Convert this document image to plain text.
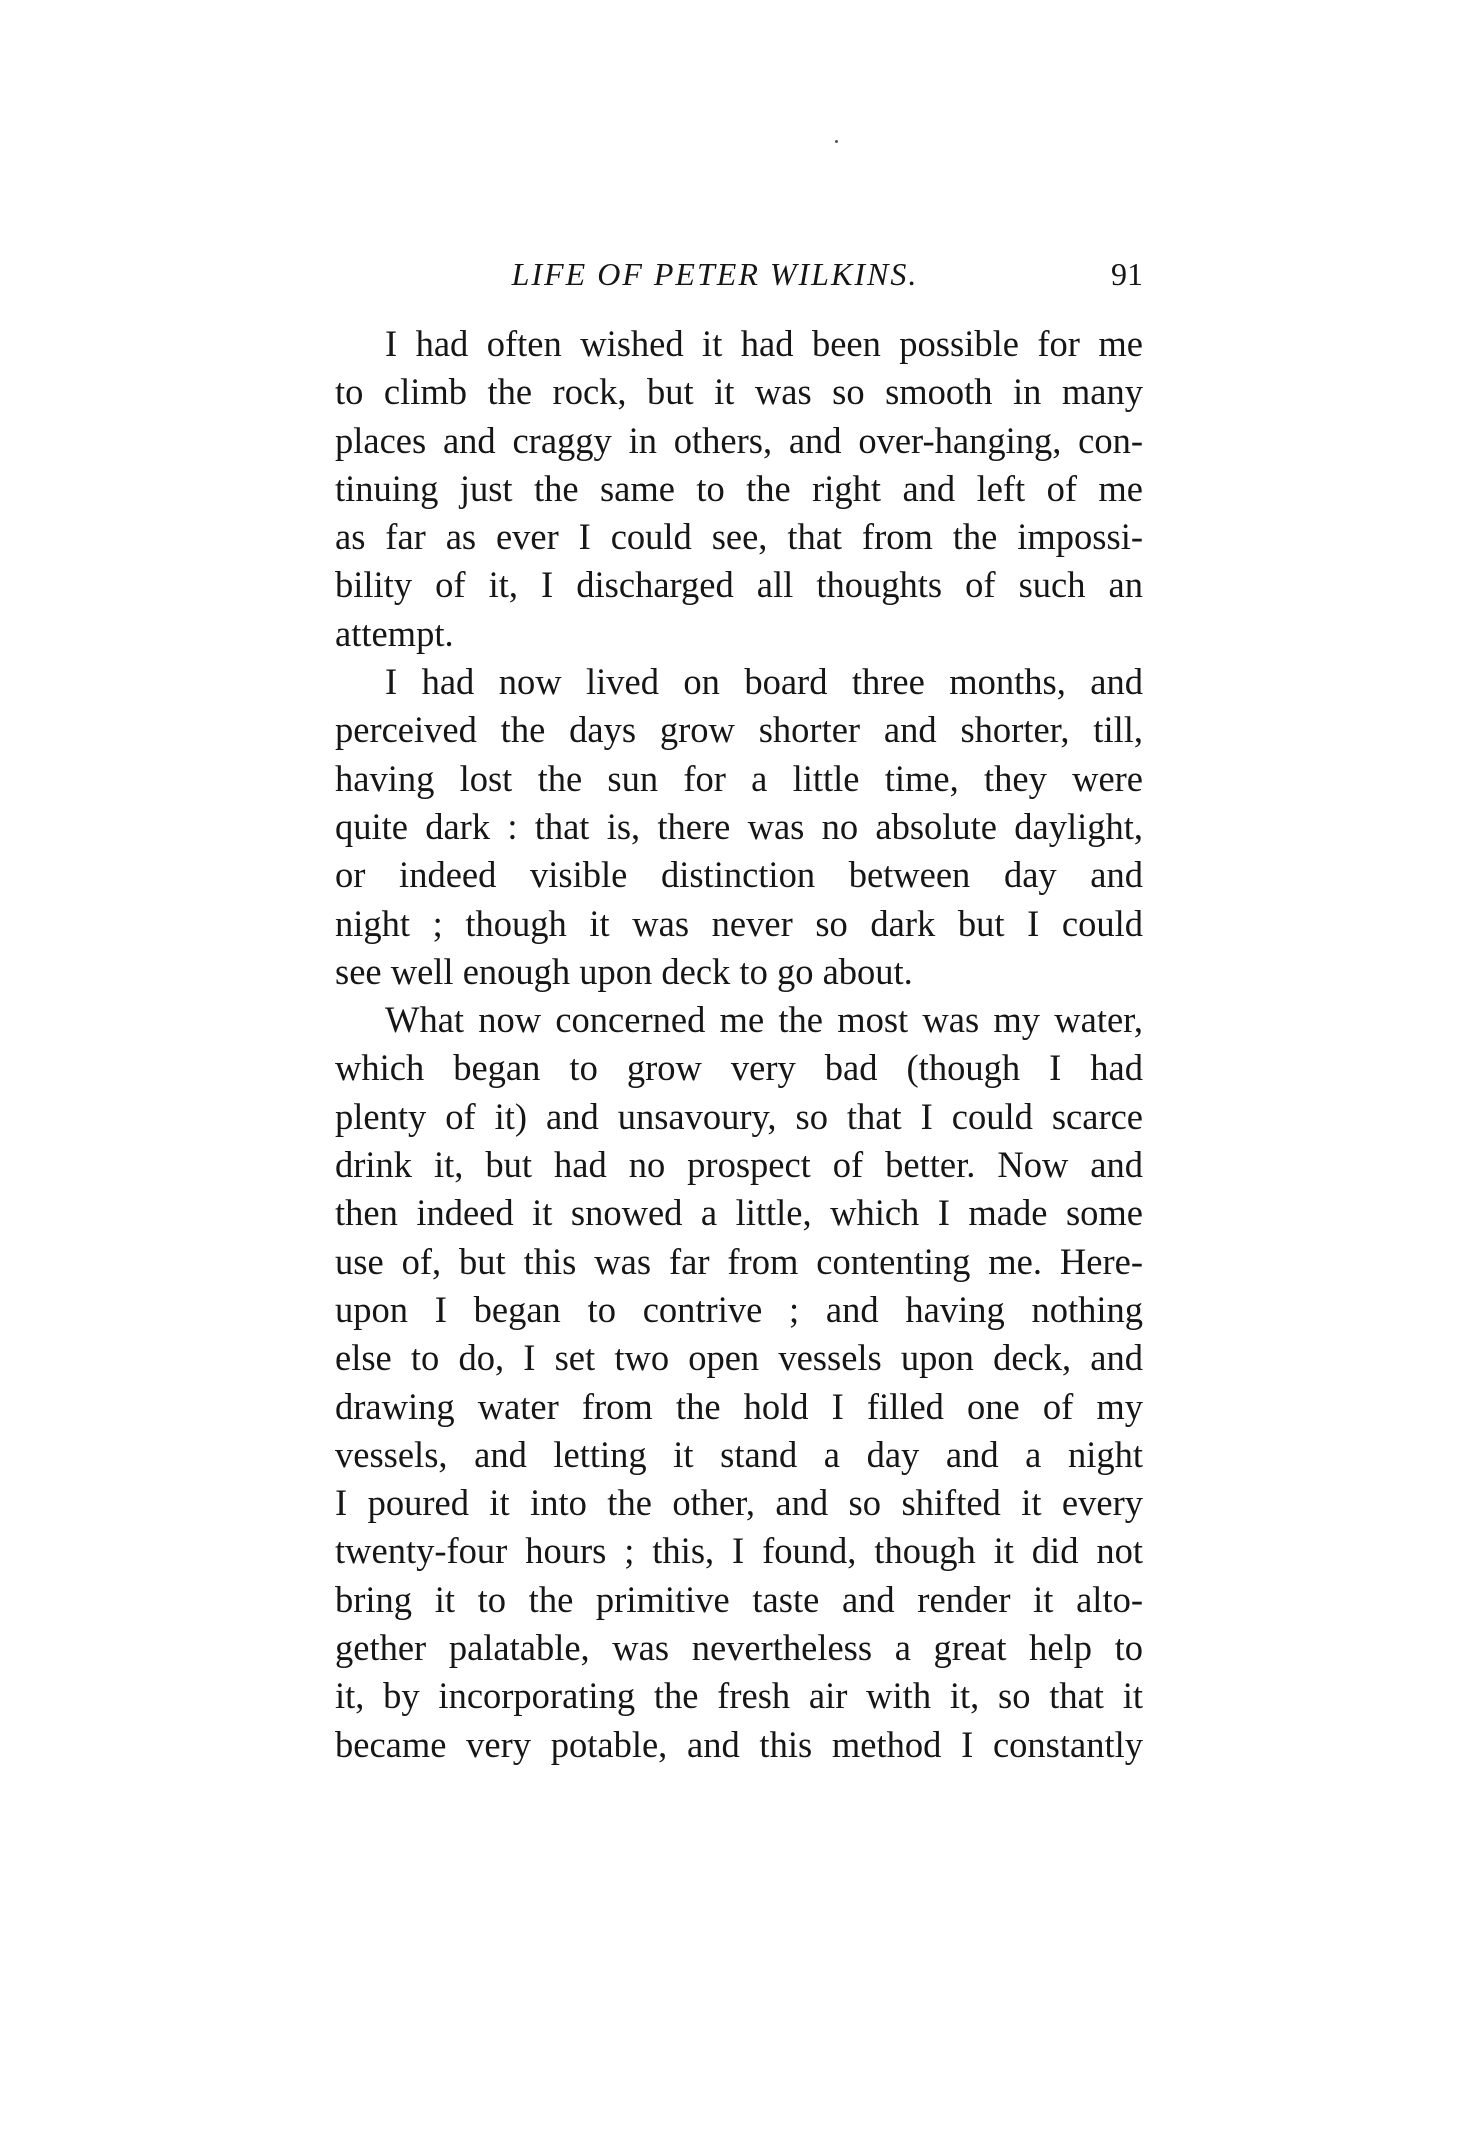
LIFE OF PETER WILKINS.	91
I had often wished it had been possible for me
to climb the rock, but it was so smooth in many
places and craggy in others, and over-hanging, con-
tinuing just the same to the right and left of me
as far as ever I could see, that from the impossi-
bility of it, I discharged all thoughts of such an
attempt.
I had now lived on board three months, and
perceived the days grow shorter and shorter, till,
having lost the sun for a little time, they were
quite dark : that is, there was no absolute daylight,
or indeed visible distinction between day and
night ; though it was never so dark but I could
see well enough upon deck to go about.
What now concerned me the most was my water,
which began to grow very bad (though I had
plenty of it) and unsavoury, so that I could scarce
drink it, but had no prospect of better. Now and
then indeed it snowed a little, which I made some
use of, but this was far from contenting me. Here-
upon I began to contrive ; and having nothing
else to do, I set two open vessels upon deck, and
drawing water from the hold I filled one of my
vessels, and letting it stand a day and a night
I poured it into the other, and so shifted it every
twenty-four hours ; this, I found, though it did not
bring it to the primitive taste and render it alto-
gether palatable, was nevertheless a great help to
it, by incorporating the fresh air with it, so that it
became very potable, and this method I constantly
